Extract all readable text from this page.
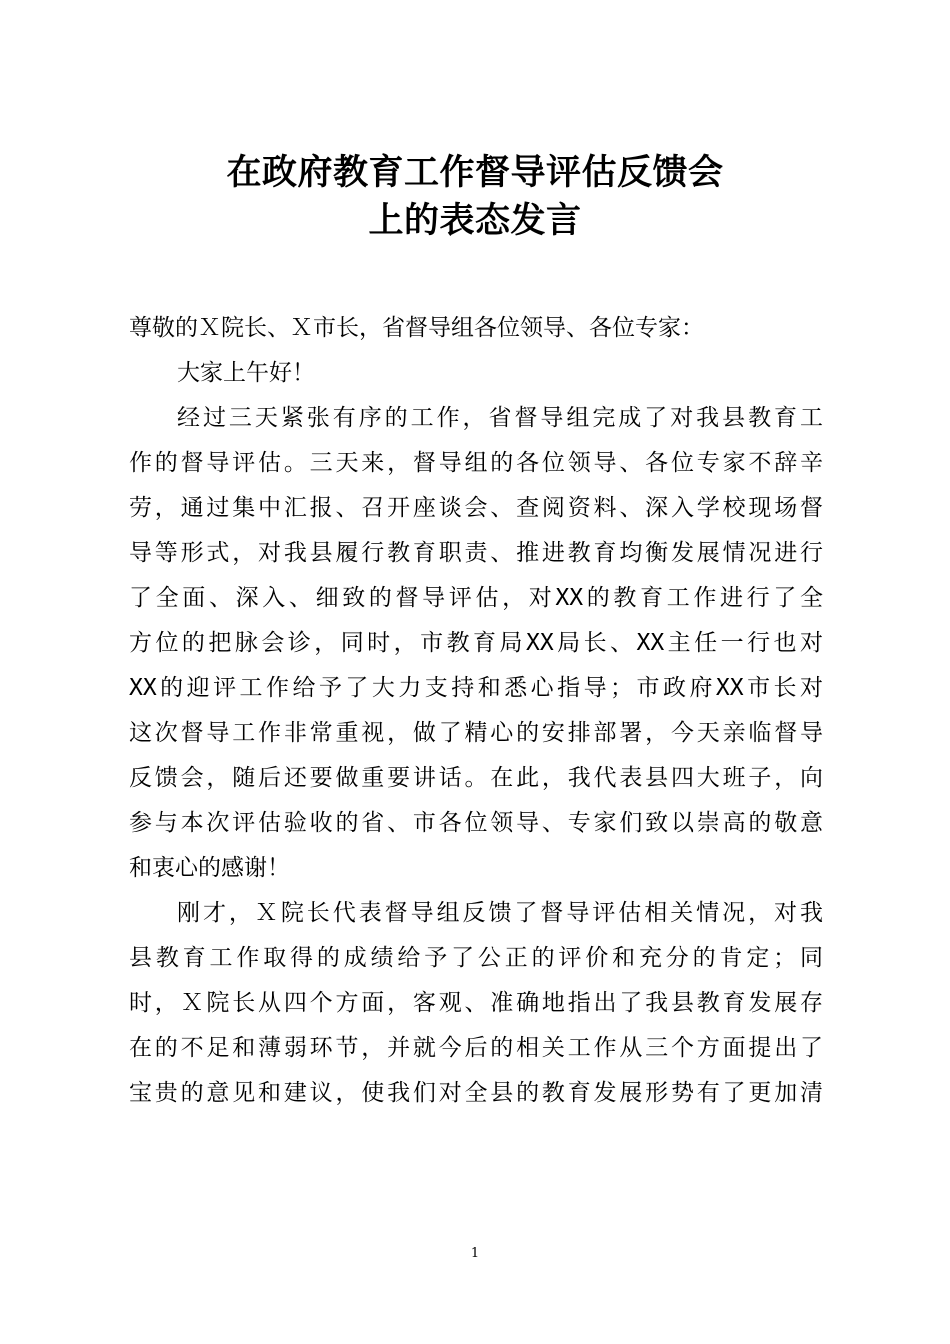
在政府教育工作督导评估反馈会
上的表态发言
尊敬的Ｘ院长、Ｘ市长，省督导组各位领导、各位专家：
大家上午好！
经过三天紧张有序的工作，省督导组完成了对我县教育工
作的督导评估。三天来，督导组的各位领导、各位专家不辞辛
劳，通过集中汇报、召开座谈会、查阅资料、深入学校现场督
导等形式，对我县履行教育职责、推进教育均衡发展情况进行
了全面、深入、细致的督导评估，对XX的教育工作进行了全
方位的把脉会诊，同时，市教育局XX局长、XX主任一行也对
XX的迎评工作给予了大力支持和悉心指导；市政府XX市长对
这次督导工作非常重视，做了精心的安排部署，今天亲临督导
反馈会，随后还要做重要讲话。在此，我代表县四大班子，向
参与本次评估验收的省、市各位领导、专家们致以崇高的敬意
和衷心的感谢！
刚才，Ｘ院长代表督导组反馈了督导评估相关情况，对我
县教育工作取得的成绩给予了公正的评价和充分的肯定；同
时，Ｘ院长从四个方面，客观、准确地指出了我县教育发展存
在的不足和薄弱环节，并就今后的相关工作从三个方面提出了
宝贵的意见和建议，使我们对全县的教育发展形势有了更加清
1
